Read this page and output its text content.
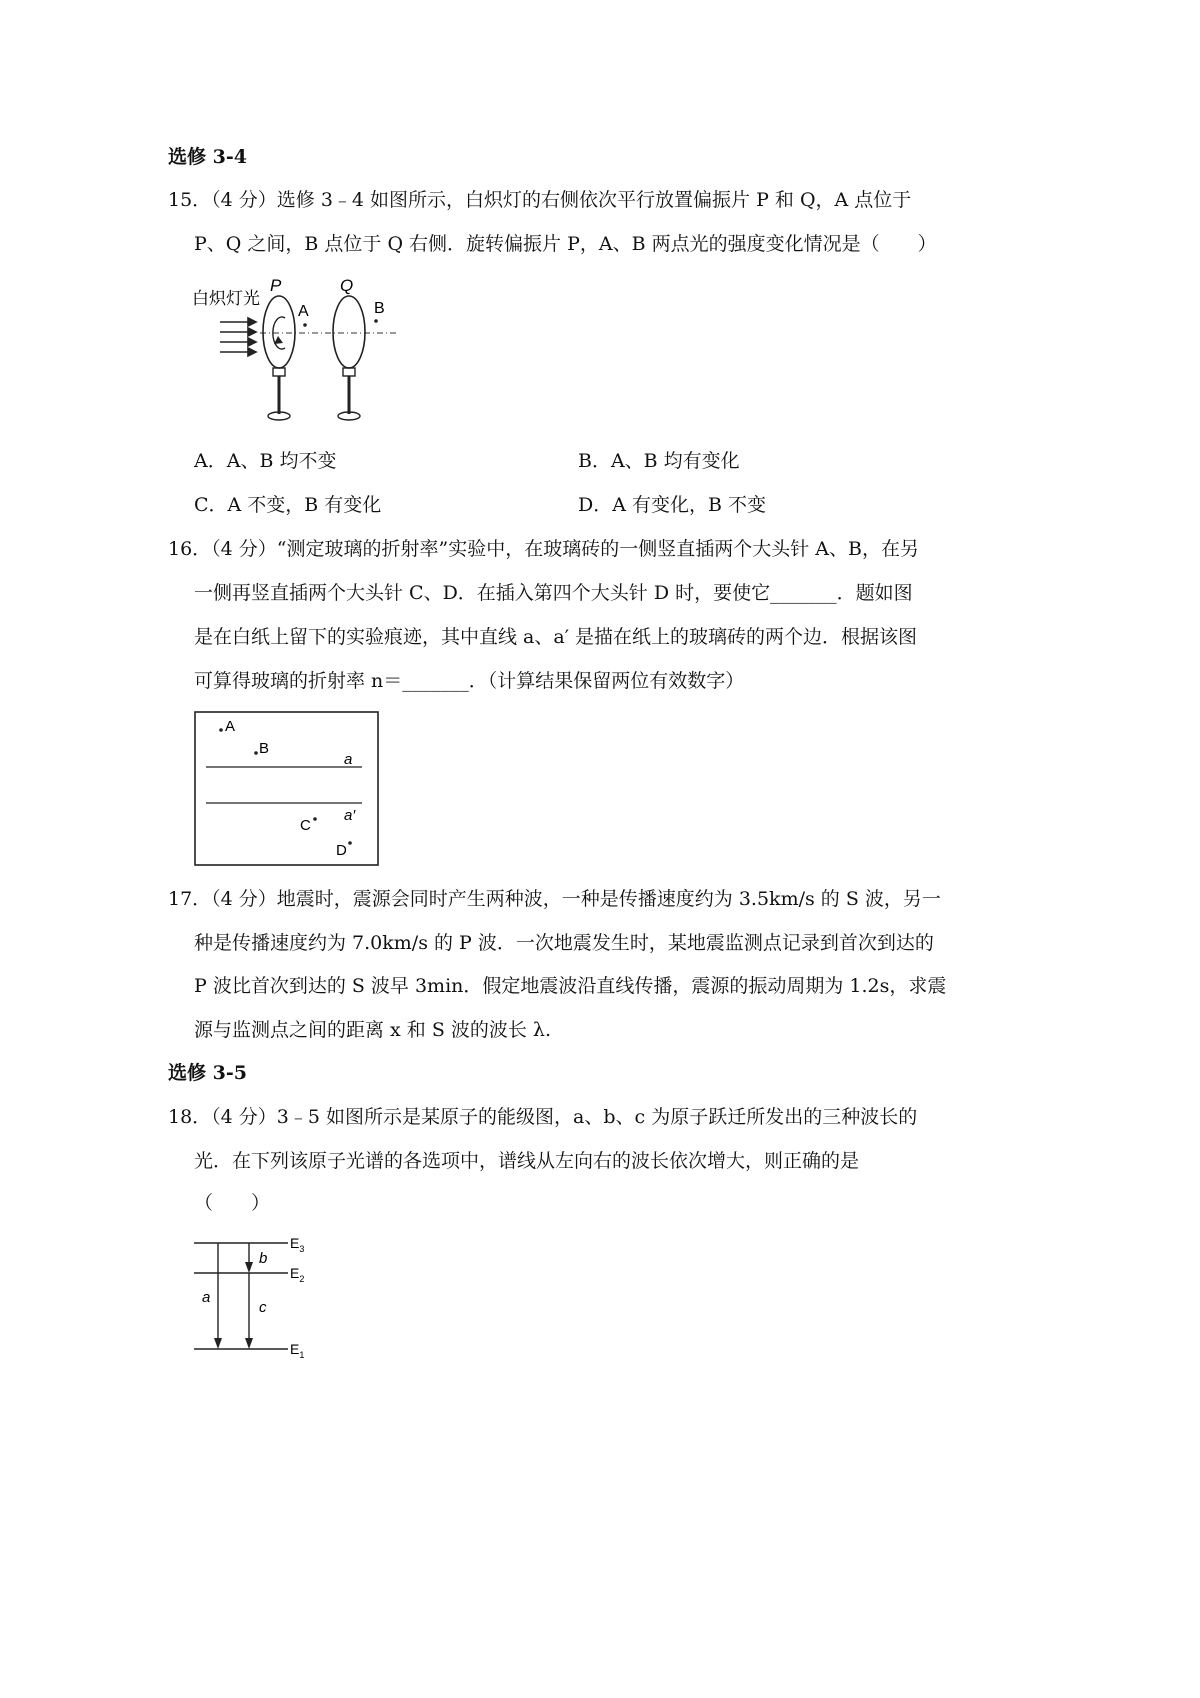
选修 3-4
15．（4 分）选修 3﹣4 如图所示，白炽灯的右侧依次平行放置偏振片 P 和 Q，A 点位于
P、Q 之间，B 点位于 Q 右侧．旋转偏振片 P，A、B 两点光的强度变化情况是（　　）
白炽灯光
P
A
Q
B
A．A、B 均不变	B．A、B 均有变化
C．A 不变，B 有变化	D．A 有变化，B 不变
16．（4 分）“测定玻璃的折射率”实验中，在玻璃砖的一侧竖直插两个大头针 A、B，在另
一侧再竖直插两个大头针 C、D．在插入第四个大头针 D 时，要使它_______．题如图
是在白纸上留下的实验痕迹，其中直线 a、a′ 是描在纸上的玻璃砖的两个边．根据该图
可算得玻璃的折射率 n＝_______．（计算结果保留两位有效数字）
A
B
a
a′
C
D
17．（4 分）地震时，震源会同时产生两种波，一种是传播速度约为 3.5km/s 的 S 波，另一
种是传播速度约为 7.0km/s 的 P 波．一次地震发生时，某地震监测点记录到首次到达的
P 波比首次到达的 S 波早 3min．假定地震波沿直线传播，震源的振动周期为 1.2s，求震
源与监测点之间的距离 x 和 S 波的波长 λ.
选修 3-5
18．（4 分）3﹣5 如图所示是某原子的能级图，a、b、c 为原子跃迁所发出的三种波长的
光．在下列该原子光谱的各选项中，谱线从左向右的波长依次增大，则正确的是
（　　）
$E_3$
$E_2$
$E_1$
a
b
c
